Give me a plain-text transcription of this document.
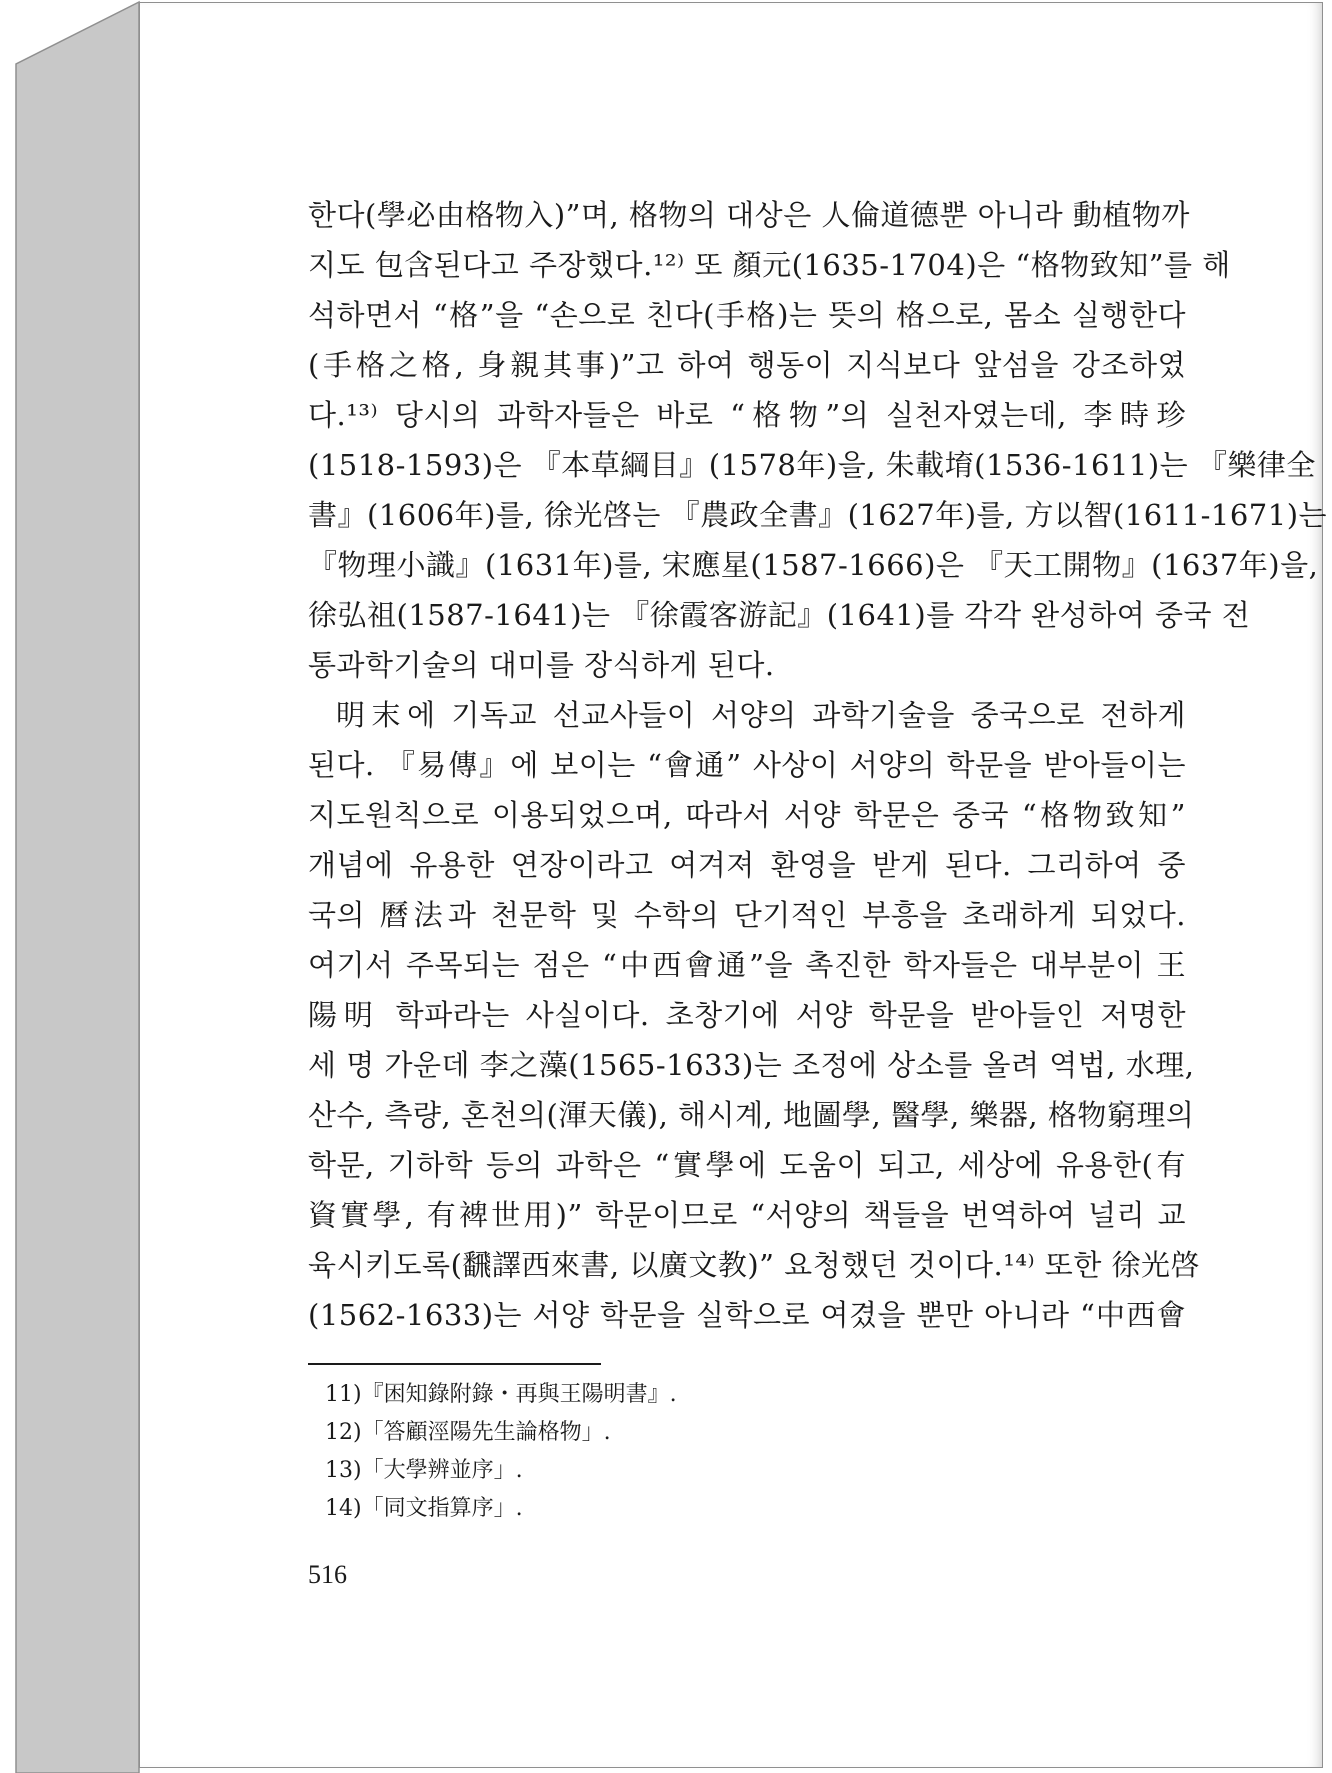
한다(學必由格物入)”며, 格物의 대상은 人倫道德뿐 아니라 動植物까
지도 包含된다고 주장했다.¹²⁾ 또 顏元(1635-1704)은 “格物致知”를 해
석하면서 “格”을 “손으로 친다(手格)는 뜻의 格으로, 몸소 실행한다
(手格之格, 身親其事)”고 하여 행동이 지식보다 앞섬을 강조하였
다.¹³⁾ 당시의 과학자들은 바로 “格物”의 실천자였는데, 李時珍
(1518-1593)은 『本草綱目』(1578年)을, 朱載堉(1536-1611)는 『樂律全
書』(1606年)를, 徐光啓는 『農政全書』(1627年)를, 方以智(1611-1671)는
『物理小識』(1631年)를, 宋應星(1587-1666)은 『天工開物』(1637年)을,
徐弘祖(1587-1641)는 『徐霞客游記』(1641)를 각각 완성하여 중국 전
통과학기술의 대미를 장식하게 된다.
明末에 기독교 선교사들이 서양의 과학기술을 중국으로 전하게
된다. 『易傳』에 보이는 “會通” 사상이 서양의 학문을 받아들이는
지도원칙으로 이용되었으며, 따라서 서양 학문은 중국 “格物致知”
개념에 유용한 연장이라고 여겨져 환영을 받게 된다. 그리하여 중
국의 曆法과 천문학 및 수학의 단기적인 부흥을 초래하게 되었다.
여기서 주목되는 점은 “中西會通”을 촉진한 학자들은 대부분이 王
陽明 학파라는 사실이다. 초창기에 서양 학문을 받아들인 저명한
세 명 가운데 李之藻(1565-1633)는 조정에 상소를 올려 역법, 水理,
산수, 측량, 혼천의(渾天儀), 해시계, 地圖學, 醫學, 樂器, 格物窮理의
학문, 기하학 등의 과학은 “實學에 도움이 되고, 세상에 유용한(有
資實學, 有裨世用)” 학문이므로 “서양의 책들을 번역하여 널리 교
육시키도록(飜譯西來書, 以廣文教)” 요청했던 것이다.¹⁴⁾ 또한 徐光啓
(1562-1633)는 서양 학문을 실학으로 여겼을 뿐만 아니라 “中西會
11)『困知錄附錄・再與王陽明書』.
12)「答顧涇陽先生論格物」.
13)「大學辨並序」.
14)「同文指算序」.
516
